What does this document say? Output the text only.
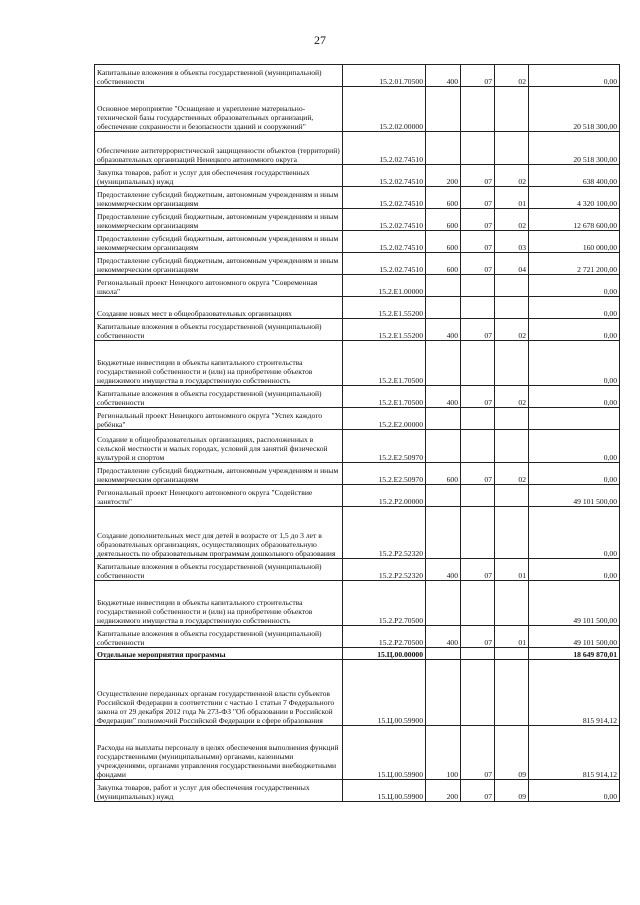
27
Капитальные вложения в объекты государственной (муниципальной) собственности	15.2.01.70500	400	07	02	0,00
Основное мероприятие "Оснащение и укрепление материально-технической базы государственных образовательных организаций, обеспечение сохранности и безопасности зданий и сооружений"	15.2.02.00000				20 518 300,00
Обеспечение антитеррористической защищенности объектов (территорий) образовательных организаций Ненецкого автономного округа	15.2.02.74510				20 518 300,00
Закупка товаров, работ и услуг для обеспечения государственных (муниципальных) нужд	15.2.02.74510	200	07	02	638 400,00
Предоставление субсидий бюджетным, автономным учреждениям и иным некоммерческим организациям	15.2.02.74510	600	07	01	4 320 100,00
Предоставление субсидий бюджетным, автономным учреждениям и иным некоммерческим организациям	15.2.02.74510	600	07	02	12 678 600,00
Предоставление субсидий бюджетным, автономным учреждениям и иным некоммерческим организациям	15.2.02.74510	600	07	03	160 000,00
Предоставление субсидий бюджетным, автономным учреждениям и иным некоммерческим организациям	15.2.02.74510	600	07	04	2 721 200,00
Региональный проект Ненецкого автономного округа "Современная школа"	15.2.E1.00000				0,00
Создание новых мест в общеобразовательных организациях	15.2.E1.55200				0,00
Капитальные вложения в объекты государственной (муниципальной) собственности	15.2.E1.55200	400	07	02	0,00
Бюджетные инвестиции в объекты капитального строительства государственной собственности и (или) на приобретение объектов недвижимого имущества в государственную собственность	15.2.E1.70500				0,00
Капитальные вложения в объекты государственной (муниципальной) собственности	15.2.E1.70500	400	07	02	0,00
Региональный проект Ненецкого автономного округа "Успех каждого ребёнка"	15.2.E2.00000				
Создание в общеобразовательных организациях, расположенных в сельской местности и малых городах, условий для занятий физической культурой и спортом	15.2.E2.50970				0,00
Предоставление субсидий бюджетным, автономным учреждениям и иным некоммерческим организациям	15.2.E2.50970	600	07	02	0,00
Региональный проект Ненецкого автономного округа "Содействие занятости"	15.2.P2.00000				49 101 500,00
Создание дополнительных мест для детей в возрасте от 1,5 до 3 лет в образовательных организациях, осуществляющих образовательную деятельность по образовательным программам дошкольного образования	15.2.P2.52320				0,00
Капитальные вложения в объекты государственной (муниципальной) собственности	15.2.P2.52320	400	07	01	0,00
Бюджетные инвестиции в объекты капитального строительства государственной собственности и (или) на приобретение объектов недвижимого имущества в государственную собственность	15.2.P2.70500				49 101 500,00
Капитальные вложения в объекты государственной (муниципальной) собственности	15.2.P2.70500	400	07	01	49 101 500,00
Отдельные мероприятия программы	15.Ц.00.00000				18 649 870,01
Осуществление переданных органам государственной власти субъектов Российской Федерации в соответствии с частью 1 статьи 7 Федерального закона от 29 декабря 2012 года № 273-ФЗ "Об образовании в Российской Федерации" полномочий Российской Федерации в сфере образования	15.Ц.00.59900				815 914,12
Расходы на выплаты персоналу в целях обеспечения выполнения функций государственными (муниципальными) органами, казенными учреждениями, органами управления государственными внебюджетными фондами	15.Ц.00.59900	100	07	09	815 914,12
Закупка товаров, работ и услуг для обеспечения государственных (муниципальных) нужд	15.Ц.00.59900	200	07	09	0,00
